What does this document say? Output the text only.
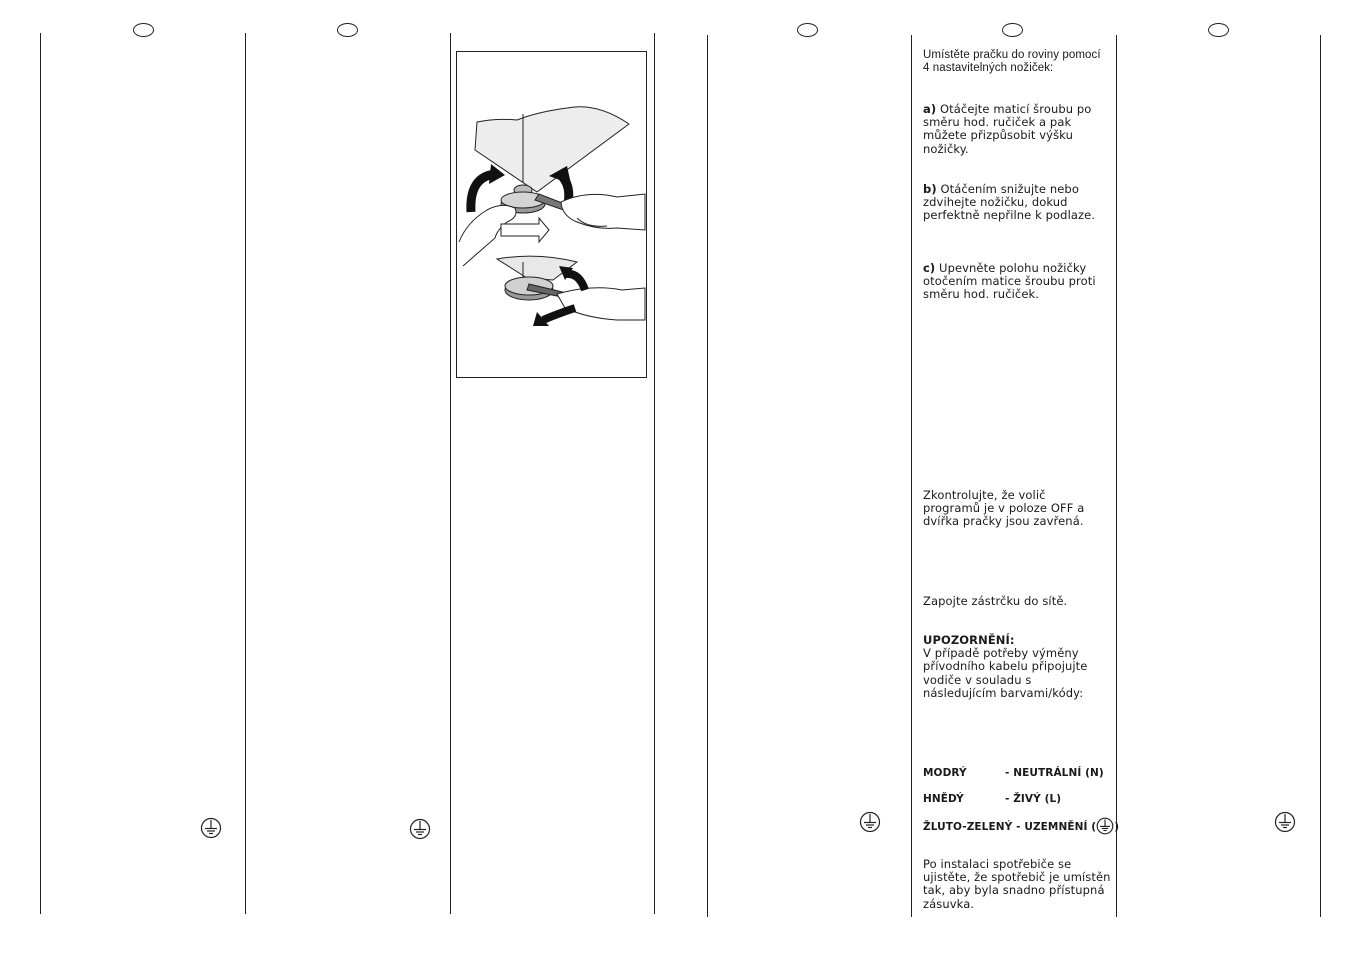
Umístěte pračku do roviny pomocí 4 nastavitelných nožiček:

a) Otáčejte maticí šroubu po směru hod. ručiček a pak můžete přizpůsobit výšku nožičky.

b) Otáčením snižujte nebo zdvihejte nožičku, dokud perfektně nepřilne k podlaze.

c) Upevněte polohu nožičky otočením matice šroubu proti směru hod. ručiček.

Zkontrolujte, že volič programů je v poloze OFF a dvířka pračky jsou zavřená.

Zapojte zástrčku do sítě.

UPOZORNĚNÍ:
V případě potřeby výměny přívodního kabelu připojujte vodiče v souladu s následujícím barvami/kódy:

MODRÝ	- NEUTRÁLNÍ (N)
HNĚDÝ	- ŽIVÝ (L)
ŽLUTO-ZELENÝ - UZEMNĚNÍ ( )

Po instalaci spotřebiče se ujistěte, že spotřebič je umístěn tak, aby byla snadno přístupná zásuvka.
